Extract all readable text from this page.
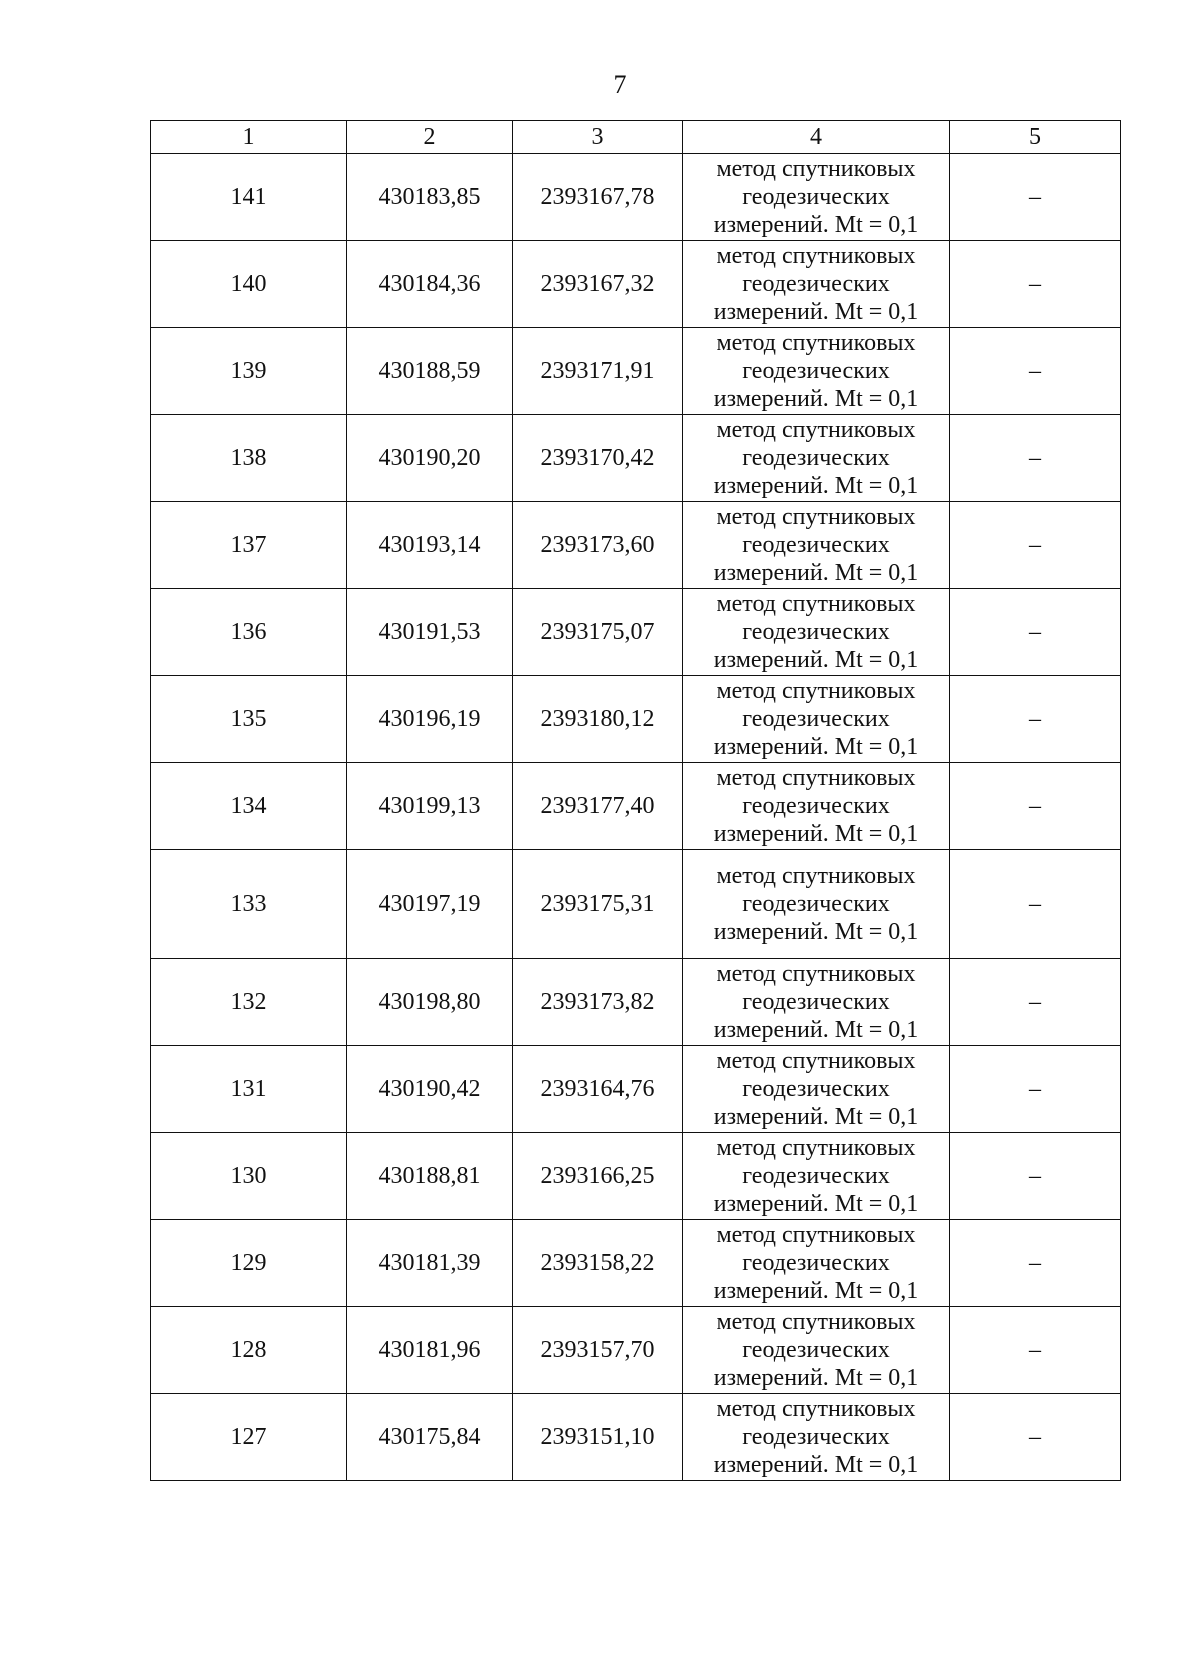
7
1	2	3	4	5
141	430183,85	2393167,78	метод спутниковых геодезических измерений. Mt = 0,1	–
140	430184,36	2393167,32	метод спутниковых геодезических измерений. Mt = 0,1	–
139	430188,59	2393171,91	метод спутниковых геодезических измерений. Mt = 0,1	–
138	430190,20	2393170,42	метод спутниковых геодезических измерений. Mt = 0,1	–
137	430193,14	2393173,60	метод спутниковых геодезических измерений. Mt = 0,1	–
136	430191,53	2393175,07	метод спутниковых геодезических измерений. Mt = 0,1	–
135	430196,19	2393180,12	метод спутниковых геодезических измерений. Mt = 0,1	–
134	430199,13	2393177,40	метод спутниковых геодезических измерений. Mt = 0,1	–
133	430197,19	2393175,31	метод спутниковых геодезических измерений. Mt = 0,1	–
132	430198,80	2393173,82	метод спутниковых геодезических измерений. Mt = 0,1	–
131	430190,42	2393164,76	метод спутниковых геодезических измерений. Mt = 0,1	–
130	430188,81	2393166,25	метод спутниковых геодезических измерений. Mt = 0,1	–
129	430181,39	2393158,22	метод спутниковых геодезических измерений. Mt = 0,1	–
128	430181,96	2393157,70	метод спутниковых геодезических измерений. Mt = 0,1	–
127	430175,84	2393151,10	метод спутниковых геодезических измерений. Mt = 0,1	–
